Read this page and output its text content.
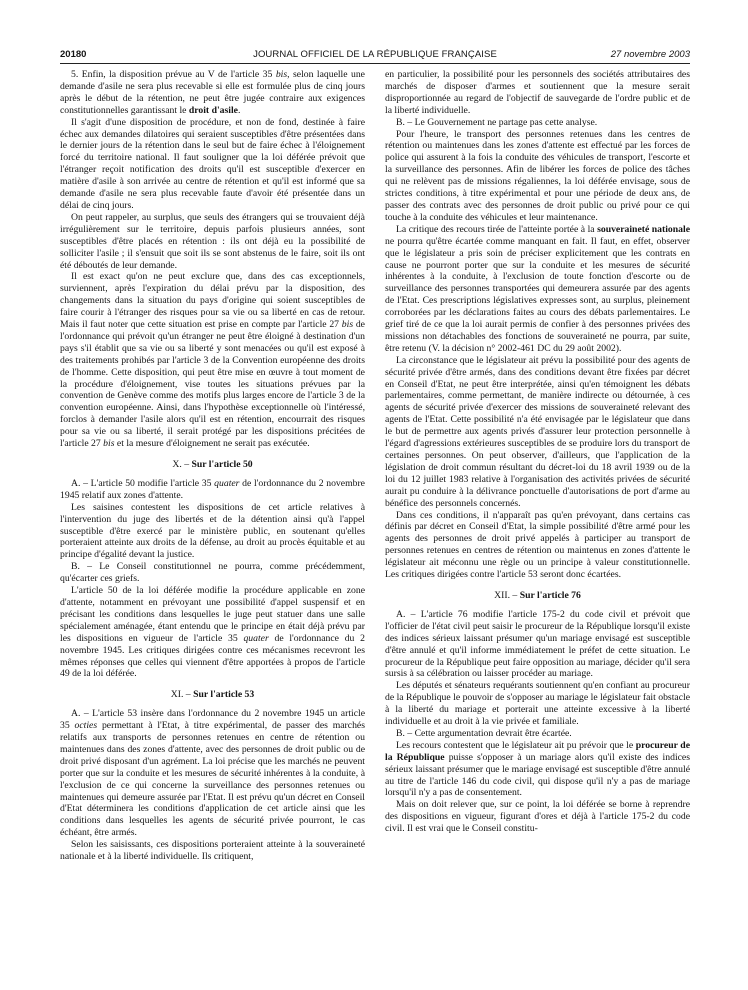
20180	JOURNAL OFFICIEL DE LA RÉPUBLIQUE FRANÇAISE	27 novembre 2003

5. Enfin, la disposition prévue au V de l'article 35 bis, selon laquelle une demande d'asile ne sera plus recevable si elle est formulée plus de cinq jours après le début de la rétention, ne peut être jugée contraire aux exigences constitutionnelles garantissant le droit d'asile.

Il s'agit d'une disposition de procédure, et non de fond, destinée à faire échec aux demandes dilatoires qui seraient susceptibles d'être présentées dans le dernier jours de la rétention dans le seul but de faire échec à l'éloignement forcé du territoire national. Il faut souligner que la loi déférée prévoit que l'étranger reçoit notification des droits qu'il est susceptible d'exercer en matière d'asile à son arrivée au centre de rétention et qu'il est informé que sa demande d'asile ne sera plus recevable faute d'avoir été présentée dans un délai de cinq jours.

On peut rappeler, au surplus, que seuls des étrangers qui se trouvaient déjà irrégulièrement sur le territoire, depuis parfois plusieurs années, sont susceptibles d'être placés en rétention : ils ont déjà eu la possibilité de solliciter l'asile ; il s'ensuit que soit ils se sont abstenus de le faire, soit ils ont été déboutés de leur demande.

Il est exact qu'on ne peut exclure que, dans des cas exceptionnels, surviennent, après l'expiration du délai prévu par la disposition, des changements dans la situation du pays d'origine qui soient susceptibles de faire courir à l'étranger des risques pour sa vie ou sa liberté en cas de retour. Mais il faut noter que cette situation est prise en compte par l'article 27 bis de l'ordonnance qui prévoit qu'un étranger ne peut être éloigné à destination d'un pays s'il établit que sa vie ou sa liberté y sont menacées ou qu'il est exposé à des traitements prohibés par l'article 3 de la Convention européenne des droits de l'homme. Cette disposition, qui peut être mise en œuvre à tout moment de la procédure d'éloignement, vise toutes les situations prévues par la convention de Genève comme des motifs plus larges encore de l'article 3 de la convention européenne. Ainsi, dans l'hypothèse exceptionnelle où l'intéressé, forclos à demander l'asile alors qu'il est en rétention, encourrait des risques pour sa vie ou sa liberté, il serait protégé par les dispositions précitées de l'article 27 bis et la mesure d'éloignement ne serait pas exécutée.

X. – Sur l'article 50

A. – L'article 50 modifie l'article 35 quater de l'ordonnance du 2 novembre 1945 relatif aux zones d'attente.

Les saisines contestent les dispositions de cet article relatives à l'intervention du juge des libertés et de la détention ainsi qu'à l'appel susceptible d'être exercé par le ministère public, en soutenant qu'elles porteraient atteinte aux droits de la défense, au droit au procès équitable et au principe d'égalité devant la justice.

B. – Le Conseil constitutionnel ne pourra, comme précédemment, qu'écarter ces griefs.

L'article 50 de la loi déférée modifie la procédure applicable en zone d'attente, notamment en prévoyant une possibilité d'appel suspensif et en précisant les conditions dans lesquelles le juge peut statuer dans une salle spécialement aménagée, étant entendu que le principe en était déjà prévu par les dispositions en vigueur de l'article 35 quater de l'ordonnance du 2 novembre 1945. Les critiques dirigées contre ces mécanismes recevront les mêmes réponses que celles qui viennent d'être apportées à propos de l'article 49 de la loi déférée.

XI. – Sur l'article 53

A. – L'article 53 insère dans l'ordonnance du 2 novembre 1945 un article 35 octies permettant à l'Etat, à titre expérimental, de passer des marchés relatifs aux transports de personnes retenues en centre de rétention ou maintenues dans des zones d'attente, avec des personnes de droit public ou de droit privé disposant d'un agrément. La loi précise que les marchés ne peuvent porter que sur la conduite et les mesures de sécurité inhérentes à la conduite, à l'exclusion de ce qui concerne la surveillance des personnes retenues ou maintenues qui demeure assurée par l'Etat. Il est prévu qu'un décret en Conseil d'Etat déterminera les conditions d'application de cet article ainsi que les conditions dans lesquelles les agents de sécurité privée pourront, le cas échéant, être armés.

Selon les saisissants, ces dispositions porteraient atteinte à la souveraineté nationale et à la liberté individuelle. Ils critiquent,

en particulier, la possibilité pour les personnels des sociétés attributaires des marchés de disposer d'armes et soutiennent que la mesure serait disproportionnée au regard de l'objectif de sauvegarde de l'ordre public et de la liberté individuelle.

B. – Le Gouvernement ne partage pas cette analyse.

Pour l'heure, le transport des personnes retenues dans les centres de rétention ou maintenues dans les zones d'attente est effectué par les forces de police qui assurent à la fois la conduite des véhicules de transport, l'escorte et la surveillance des personnes. Afin de libérer les forces de police des tâches qui ne relèvent pas de missions régaliennes, la loi déférée envisage, sous de strictes conditions, à titre expérimental et pour une période de deux ans, de passer des contrats avec des personnes de droit public ou privé pour ce qui touche à la conduite des véhicules et leur maintenance.

La critique des recours tirée de l'atteinte portée à la souveraineté nationale ne pourra qu'être écartée comme manquant en fait. Il faut, en effet, observer que le législateur a pris soin de préciser explicitement que les contrats en cause ne pourront porter que sur la conduite et les mesures de sécurité inhérentes à la conduite, à l'exclusion de toute fonction d'escorte ou de surveillance des personnes transportées qui demeurera assurée par des agents de l'Etat. Ces prescriptions législatives expresses sont, au surplus, pleinement corroborées par les déclarations faites au cours des débats parlementaires. Le grief tiré de ce que la loi aurait permis de confier à des personnes privées des missions non détachables des fonctions de souveraineté ne pourra, par suite, être retenu (V. la décision n° 2002-461 DC du 29 août 2002).

La circonstance que le législateur ait prévu la possibilité pour des agents de sécurité privée d'être armés, dans des conditions devant être fixées par décret en Conseil d'Etat, ne peut être interprétée, ainsi qu'en témoignent les débats parlementaires, comme permettant, de manière indirecte ou détournée, à ces agents de sécurité privée d'exercer des missions de souveraineté relevant des agents de l'Etat. Cette possibilité n'a été envisagée par le législateur que dans le but de permettre aux agents privés d'assurer leur protection personnelle à l'égard d'agressions extérieures susceptibles de se produire lors du transport de certaines personnes. On peut observer, d'ailleurs, que l'application de la législation de droit commun résultant du décret-loi du 18 avril 1939 ou de la loi du 12 juillet 1983 relative à l'organisation des activités privées de sécurité aurait pu conduire à la délivrance ponctuelle d'autorisations de port d'arme au bénéfice des personnels concernés.

Dans ces conditions, il n'apparaît pas qu'en prévoyant, dans certains cas définis par décret en Conseil d'Etat, la simple possibilité d'être armé pour les agents des personnes de droit privé appelés à participer au transport de personnes retenues en centres de rétention ou maintenus en zones d'attente le législateur ait méconnu une règle ou un principe à valeur constitutionnelle. Les critiques dirigées contre l'article 53 seront donc écartées.

XII. – Sur l'article 76

A. – L'article 76 modifie l'article 175-2 du code civil et prévoit que l'officier de l'état civil peut saisir le procureur de la République lorsqu'il existe des indices sérieux laissant présumer qu'un mariage envisagé est susceptible d'être annulé et qu'il informe immédiatement le préfet de cette situation. Le procureur de la République peut faire opposition au mariage, décider qu'il sera sursis à sa célébration ou laisser procéder au mariage.

Les députés et sénateurs requérants soutiennent qu'en confiant au procureur de la République le pouvoir de s'opposer au mariage le législateur fait obstacle à la liberté du mariage et porterait une atteinte excessive à la liberté individuelle et au droit à la vie privée et familiale.

B. – Cette argumentation devrait être écartée.

Les recours contestent que le législateur ait pu prévoir que le procureur de la République puisse s'opposer à un mariage alors qu'il existe des indices sérieux laissant présumer que le mariage envisagé est susceptible d'être annulé au titre de l'article 146 du code civil, qui dispose qu'il n'y a pas de mariage lorsqu'il n'y a pas de consentement.

Mais on doit relever que, sur ce point, la loi déférée se borne à reprendre des dispositions en vigueur, figurant d'ores et déjà à l'article 175-2 du code civil. Il est vrai que le Conseil constitu-
